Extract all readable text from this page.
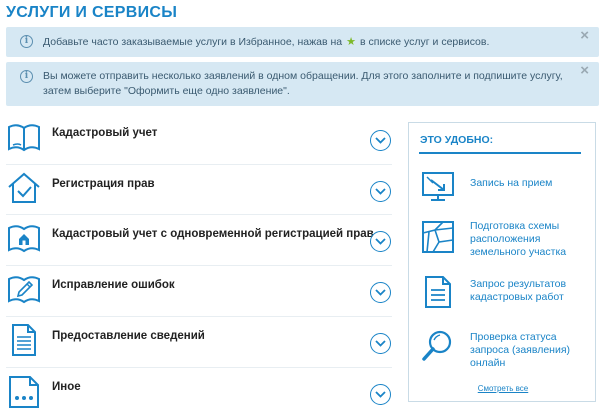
УСЛУГИ И СЕРВИСЫ
i	Добавьте часто заказываемые услуги в Избранное, нажав на ★ в списке услуг и сервисов.	×
i	Вы можете отправить несколько заявлений в одном обращении. Для этого заполните и подпишите услугу, затем выберите "Оформить еще одно заявление".
×
Кадастровый учет
Регистрация прав
Кадастровый учет с одновременной регистрацией прав
Исправление ошибок
Предоставление сведений
Иное
ЭТО УДОБНО:
Запись на прием
Подготовка схемы расположения земельного участка
Запрос результатов кадастровых работ
Проверка статуса запроса (заявления) онлайн
Смотреть все
